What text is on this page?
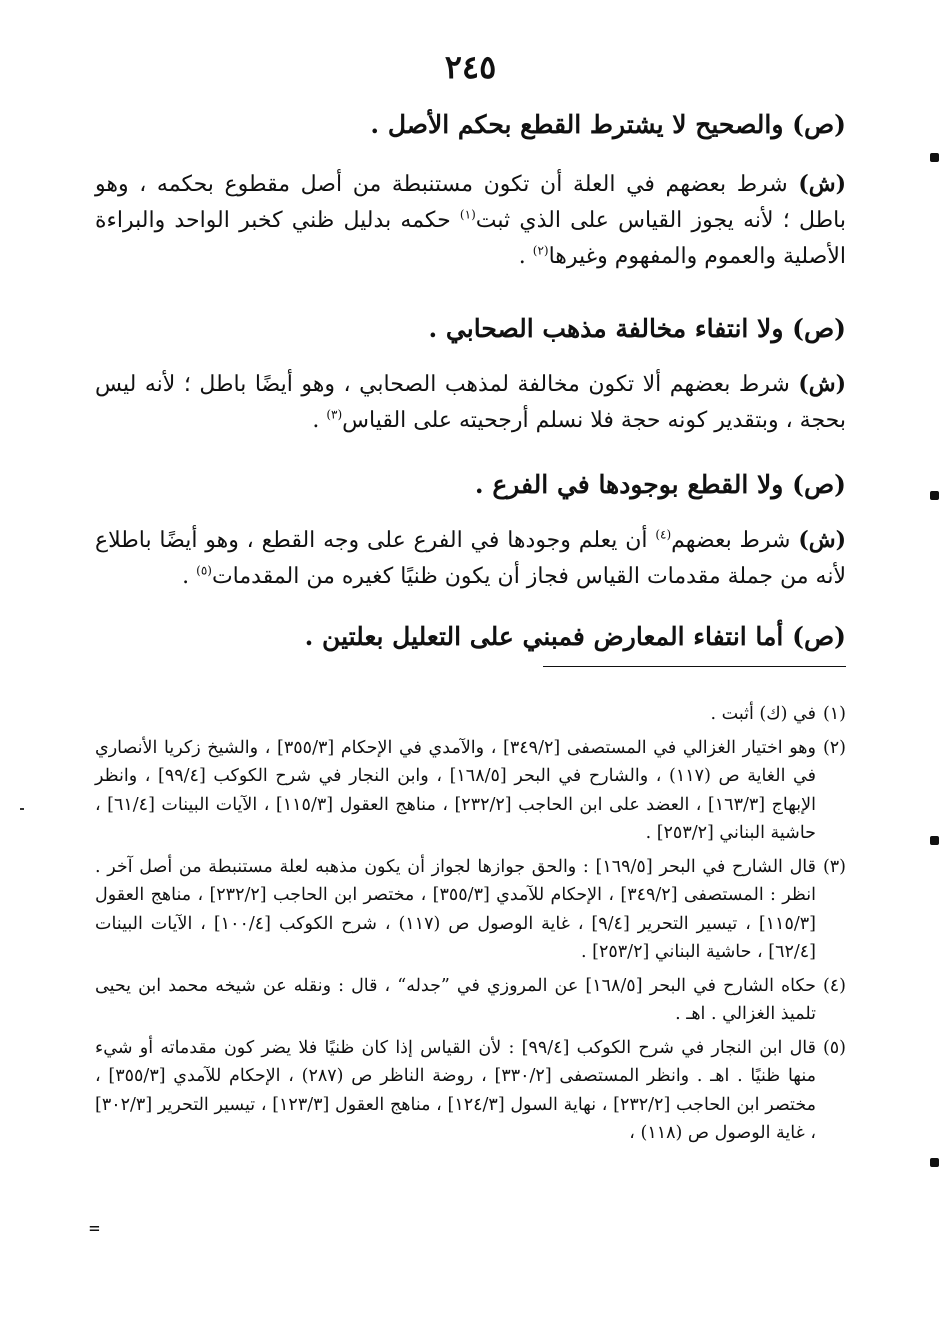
٢٤٥
(ص) والصحيح لا يشترط القطع بحكم الأصل .
(ش) شرط بعضهم في العلة أن تكون مستنبطة من أصل مقطوع بحكمه ، وهو باطل ؛ لأنه يجوز القياس على الذي ثبت$^{(١)}$ حكمه بدليل ظني كخبر الواحد والبراءة الأصلية والعموم والمفهوم وغيرها$^{(٢)}$ .
(ص) ولا انتفاء مخالفة مذهب الصحابي .
(ش) شرط بعضهم ألا تكون مخالفة لمذهب الصحابي ، وهو أيضًا باطل ؛ لأنه ليس بحجة ، وبتقدير كونه حجة فلا نسلم أرجحيته على القياس$^{(٣)}$ .
(ص) ولا القطع بوجودها في الفرع .
(ش) شرط بعضهم$^{(٤)}$ أن يعلم وجودها في الفرع على وجه القطع ، وهو أيضًا باطلاع لأنه من جملة مقدمات القياس فجاز أن يكون ظنيًا كغيره من المقدمات$^{(٥)}$ .
(ص) أما انتفاء المعارض فمبني على التعليل بعلتين .
(١)
في (ك) أثبت .
(٢)
وهو اختيار الغزالي في المستصفى [٣٤٩/٢] ، والآمدي في الإحكام [٣٥٥/٣] ، والشيخ زكريا الأنصاري في الغاية ص (١١٧) ، والشارح في البحر [١٦٨/٥] ، وابن النجار في شرح الكوكب [٩٩/٤] ، وانظر الإبهاج [١٦٣/٣] ، العضد على ابن الحاجب [٢٣٢/٢] ، مناهج العقول [١١٥/٣] ، الآيات البينات [٦١/٤] ، حاشية البناني [٢٥٣/٢] .
(٣)
قال الشارح في البحر [١٦٩/٥] : والحق جوازها لجواز أن يكون مذهبه لعلة مستنبطة من أصل آخر . انظر : المستصفى [٣٤٩/٢] ، الإحكام للآمدي [٣٥٥/٣] ، مختصر ابن الحاجب [٢٣٢/٢] ، مناهج العقول [١١٥/٣] ، تيسير التحرير [٩/٤] ، غاية الوصول ص (١١٧) ، شرح الكوكب [١٠٠/٤] ، الآيات البينات [٦٢/٤] ، حاشية البناني [٢٥٣/٢] .
(٤)
حكاه الشارح في البحر [١٦٨/٥] عن المروزي في ”جدله“ ، قال : ونقله عن شيخه محمد ابن يحيى تلميذ الغزالي . اهـ .
(٥)
قال ابن النجار في شرح الكوكب [٩٩/٤] : لأن القياس إذا كان ظنيًا فلا يضر كون مقدماته أو شيء منها ظنيًا . اهـ . وانظر المستصفى [٣٣٠/٢] ، روضة الناظر ص (٢٨٧) ، الإحكام للآمدي [٣٥٥/٣] ، مختصر ابن الحاجب [٢٣٢/٢] ، نهاية السول [١٢٤/٣] ، مناهج العقول [١٢٣/٣] ، تيسير التحرير [٣٠٢/٣] ، غاية الوصول ص (١١٨) ،
=
